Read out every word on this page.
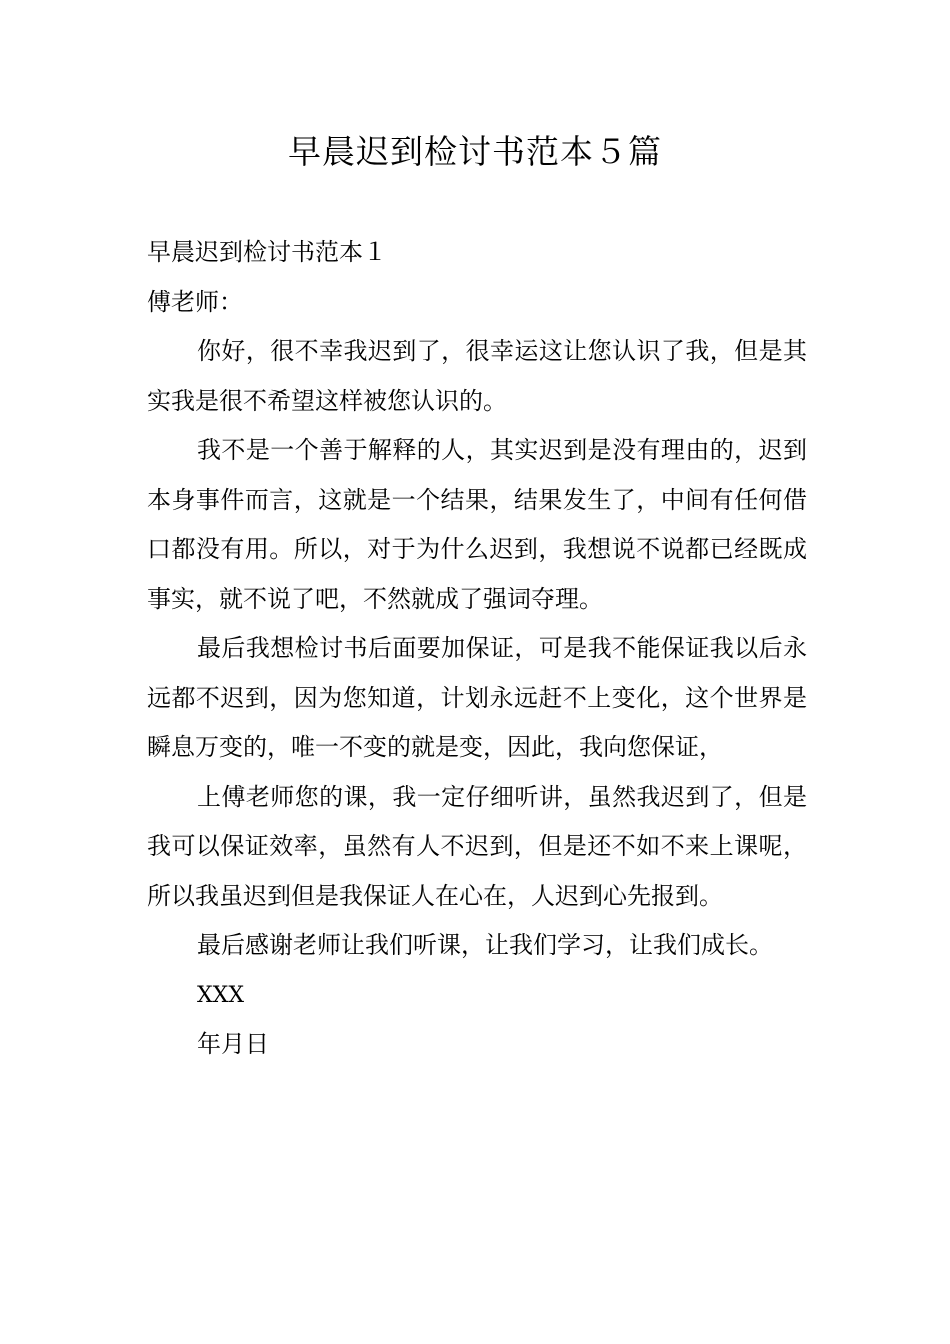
早晨迟到检讨书范本５篇

早晨迟到检讨书范本１

傅老师：

你好，很不幸我迟到了，很幸运这让您认识了我，但是其实我是很不希望这样被您认识的。

我不是一个善于解释的人，其实迟到是没有理由的，迟到本身事件而言，这就是一个结果，结果发生了，中间有任何借口都没有用。所以，对于为什么迟到，我想说不说都已经既成事实，就不说了吧，不然就成了强词夺理。

最后我想检讨书后面要加保证，可是我不能保证我以后永远都不迟到，因为您知道，计划永远赶不上变化，这个世界是瞬息万变的，唯一不变的就是变，因此，我向您保证，

上傅老师您的课，我一定仔细听讲，虽然我迟到了，但是我可以保证效率，虽然有人不迟到，但是还不如不来上课呢，所以我虽迟到但是我保证人在心在，人迟到心先报到。

最后感谢老师让我们听课，让我们学习，让我们成长。

XXX

年月日
